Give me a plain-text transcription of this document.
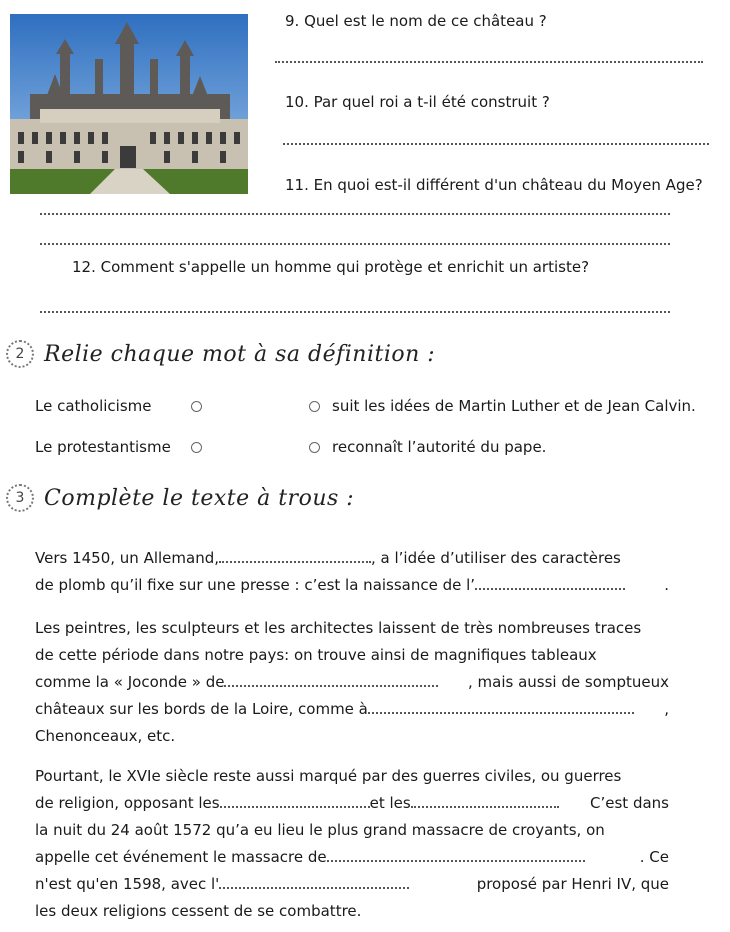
9. Quel est le nom de ce château ?
10. Par quel roi a t-il été construit ?
11. En quoi est-il différent d'un château du Moyen Age?
12. Comment s'appelle un homme qui protège et enrichit un artiste?
2 Relie chaque mot à sa définition :
Le catholicisme	suit les idées de Martin Luther et de Jean Calvin.
Le protestantisme	reconnaît l’autorité du pape.
3 Complète le texte à trous :
Vers 1450, un Allemand,	, a l’idée d’utiliser des caractères
de plomb qu’il fixe sur une presse : c’est la naissance de l’	.
Les peintres, les sculpteurs et les architectes laissent de très nombreuses traces
de cette période dans notre pays: on trouve ainsi de magnifiques tableaux
comme la « Joconde » de	, mais aussi de somptueux
châteaux sur les bords de la Loire, comme à	,
Chenonceaux, etc.
Pourtant, le XVIe siècle reste aussi marqué par des guerres civiles, ou guerres
de religion, opposant les	et les	C’est dans
la nuit du 24 août 1572 qu’a eu lieu le plus grand massacre de croyants, on
appelle cet événement le massacre de	. Ce
n'est qu'en 1598, avec l'	proposé par Henri IV, que
les deux religions cessent de se combattre.
